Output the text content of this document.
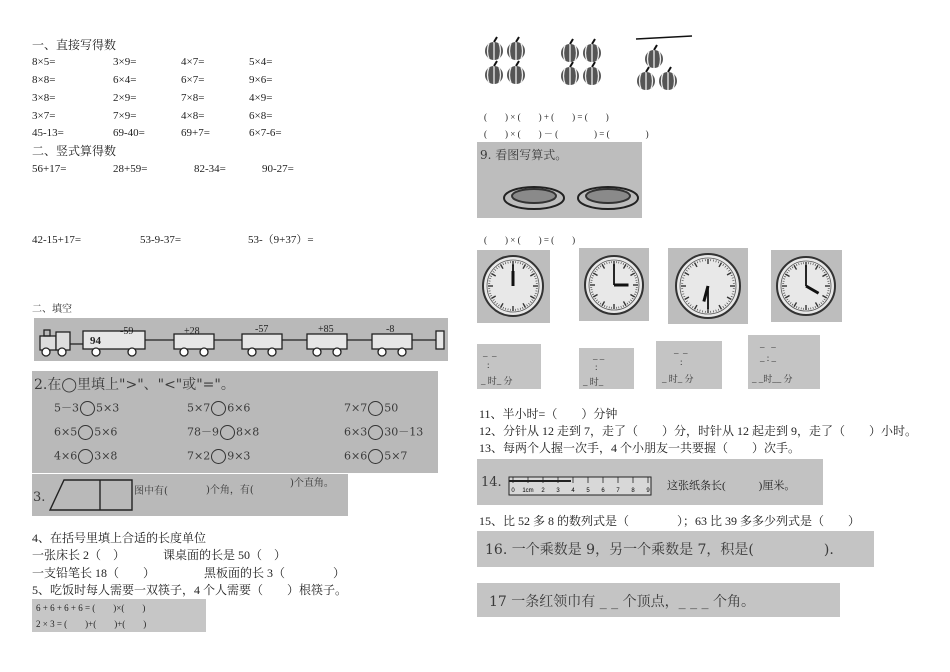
一、直接写得数
8×5=	3×9=	4×7=	5×4=
8×8=	6×4=	6×7=	9×6=
3×8=	2×9=	7×8=	4×9=
3×7=	7×9=	4×8=	6×8=
45-13=	69-40=	69+7=	6×7-6=
二、竖式算得数
56+17=	28+59=	82-34=	90-27=
42-15+17=	53-9-37=	53-（9+37）=
二、填空
94
-59	+28	-57	+85	-8
2.在◯里填上">"、"<"或"="。
5－3 5×3	5×7 6×6	7×7 50
6×5 5×6	78－9 8×8	6×3 30－13
4×6 3×8	7×2 9×3	6×6 5×7
3.	图中有(	)个角，有(
)个直角。
4、在括号里填上合适的长度单位
一张床长 2（　）	课桌面的长是 50（　）
一支铅笔长 18（　　）	黑板面的长 3（　　　　）
5、吃饭时每人需要一双筷子，4 个人需要（　　）根筷子。
6 + 6 + 6 + 6 = (　　)×(　　)
2 × 3 = (　　)+(　　)+(　　)
(　　) × (　　) + (　　) = (　　)
(　　) × (　　) － (　　　　) = (　　　　)
9. 看图写算式。
(　　) × (　　) = (　　)
_  _
:
_ 时_ 分
_ _
:
_ 时_
_  _
:
_ 时_ 分
_   _
_ : _
_ _时__ 分
11、半小时=（　　）分钟
12、分针从 12 走到 7，走了（　　）分，时针从 12 起走到 9，走了（　　）小时。
13、每两个人握一次手，4 个小朋友一共要握（　　）次手。
14.
0 1cm 2 3 4 5 6 7 8 9 这张纸条长(　　　)厘米。
15、比 52 多 8 的数列式是（　　　　）；63 比 39 多多少列式是（　　）
16. 一个乘数是 9，另一个乘数是 7，积是(　　　　　).
17 一条红领巾有 _ _ 个顶点，_ _ _ 个角。
